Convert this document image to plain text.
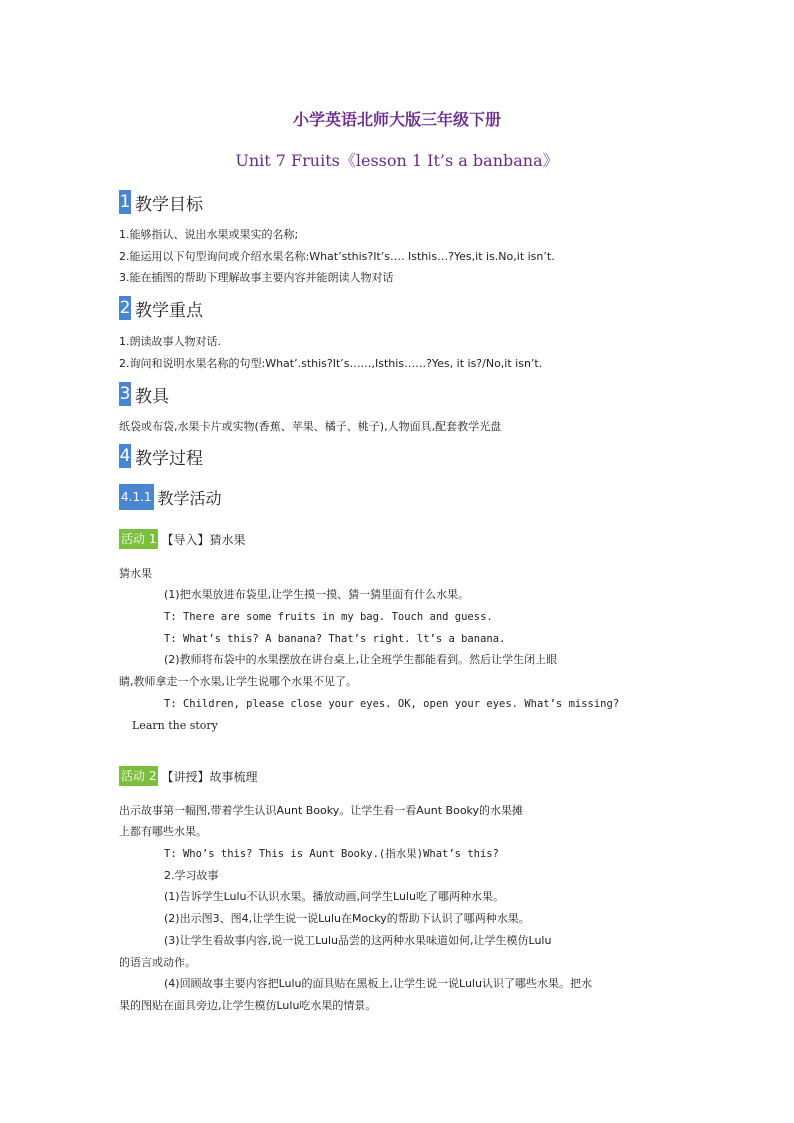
小学英语北师大版三年级下册
Unit 7 Fruits《lesson 1 It’s a banbana》
1 教学目标
1.能够指认、说出水果或果实的名称;
2.能运用以下句型询问或介绍水果名称:What’sthis?It’s…. Isthis…?Yes,it is.No,it isn’t.
3.能在插图的帮助下理解故事主要内容并能朗读人物对话
2 教学重点
1.朗读故事人物对话.
2.询问和说明水果名称的句型:What’.sthis?It’s……,Isthis……?Yes, it is?/No,it isn’t.
3 教具
纸袋或布袋,水果卡片或实物(香蕉、苹果、橘子、桃子),人物面具,配套教学光盘
4 教学过程
4.1.1 教学活动
活动 1 【导入】猜水果
猜水果
(1)把水果放进布袋里,让学生摸一摸、猜一猜里面有什么水果。
T: There are some fruits in my bag. Touch and guess.
T: What’s this? A banana? That’s right. lt’s a banana.
(2)教师将布袋中的水果摆放在讲台桌上,让全班学生都能看到。然后让学生闭上眼
睛,教师拿走一个水果,让学生说哪个水果不见了。
T: Children, please close your eyes. OK, open your eyes. What’s missing?
Learn the story
活动 2 【讲授】故事梳理
出示故事第一幅图,带着学生认识Aunt Booky。让学生看一看Aunt Booky的水果摊
上都有哪些水果。
T: Who’s this? This is Aunt Booky.(指水果)What’s this?
2.学习故事
(1)告诉学生Lulu不认识水果。播放动画,问学生Lulu吃了哪两种水果。
(2)出示图3、图4,让学生说一说Lulu在Mocky的帮助下认识了哪两种水果。
(3)让学生看故事内容,说一说工Lulu品尝的这两种水果味道如何,让学生模仿Lulu
的语言或动作。
(4)回顾故事主要内容把Lulu的面具贴在黑板上,让学生说一说Lulu认识了哪些水果。把水
果的图贴在面具旁边,让学生模仿Lulu吃水果的情景。
